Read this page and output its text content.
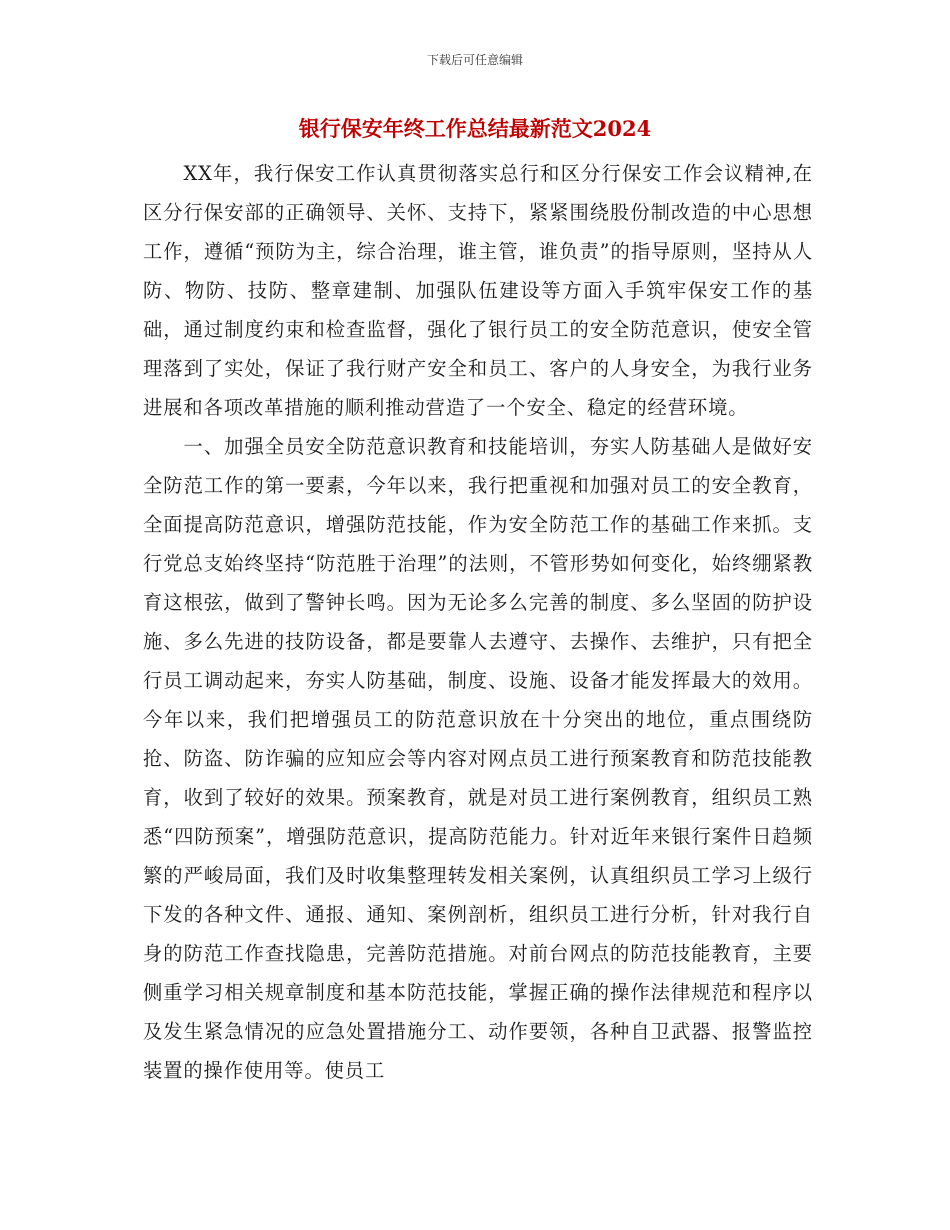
下载后可任意编辑
银行保安年终工作总结最新范文2024

XX年，我行保安工作认真贯彻落实总行和区分行保安工作会议精神,在区分行保安部的正确领导、关怀、支持下，紧紧围绕股份制改造的中心思想工作，遵循“预防为主，综合治理，谁主管，谁负责”的指导原则，坚持从人防、物防、技防、整章建制、加强队伍建设等方面入手筑牢保安工作的基础，通过制度约束和检查监督，强化了银行员工的安全防范意识，使安全管理落到了实处，保证了我行财产安全和员工、客户的人身安全，为我行业务进展和各项改革措施的顺利推动营造了一个安全、稳定的经营环境。

一、加强全员安全防范意识教育和技能培训，夯实人防基础人是做好安全防范工作的第一要素，今年以来，我行把重视和加强对员工的安全教育，全面提高防范意识，增强防范技能，作为安全防范工作的基础工作来抓。支行党总支始终坚持“防范胜于治理”的法则，不管形势如何变化，始终绷紧教育这根弦，做到了警钟长鸣。因为无论多么完善的制度、多么坚固的防护设施、多么先进的技防设备，都是要靠人去遵守、去操作、去维护，只有把全行员工调动起来，夯实人防基础，制度、设施、设备才能发挥最大的效用。今年以来，我们把增强员工的防范意识放在十分突出的地位，重点围绕防抢、防盗、防诈骗的应知应会等内容对网点员工进行预案教育和防范技能教育，收到了较好的效果。预案教育，就是对员工进行案例教育，组织员工熟悉“四防预案”，增强防范意识，提高防范能力。针对近年来银行案件日趋频繁的严峻局面，我们及时收集整理转发相关案例，认真组织员工学习上级行下发的各种文件、通报、通知、案例剖析，组织员工进行分析，针对我行自身的防范工作查找隐患，完善防范措施。对前台网点的防范技能教育，主要侧重学习相关规章制度和基本防范技能，掌握正确的操作法律规范和程序以及发生紧急情况的应急处置措施分工、动作要领，各种自卫武器、报警监控装置的操作使用等。使员工
